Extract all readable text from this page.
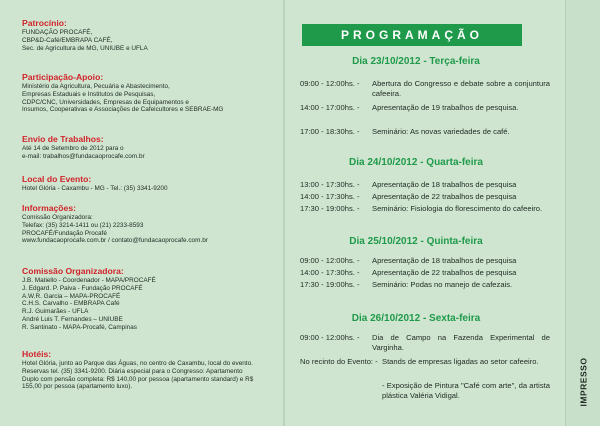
Patrocínio:
FUNDAÇÃO PROCAFÉ,
CBP&D-Café/EMBRAPA CAFÉ,
Sec. de Agricultura de MG, UNIUBE e UFLA
Participação-Apoio:
Ministério da Agricultura, Pecuária e Abastecimento,
Empresas Estaduais e Institutos de Pesquisas,
CDPC/CNC, Universidades, Empresas de Equipamentos e
Insumos, Cooperativas e Associações de Cafeicultores e SEBRAE-MG
Envio de Trabalhos:
Até 14 de Setembro de 2012 para o
e-mail: trabalhos@fundacaoprocafe.com.br
Local do Evento:
Hotel Glória - Caxambu - MG - Tel.: (35) 3341-9200
Informações:
Comissão Organizadora:
Telefax: (35) 3214-1411 ou (21) 2233-8593
PROCAFÉ/Fundação Procafé
www.fundacaoprocafe.com.br / contato@fundacaoprocafe.com.br
Comissão Organizadora:
J.B. Matiello - Coordenador - MAPA/PROCAFÉ
J. Edgard. P. Paiva - Fundação PROCAFÉ
A.W.R. Garcia – MAPA-PROCAFÉ
C.H.S. Carvalho - EMBRAPA Café
R.J. Guimarães - UFLA
André Luis T. Fernandes – UNIUBE
R. Santinato - MAPA-Procafé, Campinas
Hotéis:
Hotel Glória, junto ao Parque das Águas, no centro de Caxambu, local do evento.
Reservas tel. (35) 3341-9200. Diária especial para o Congresso: Apartamento
Duplo com pensão completa: R$ 140,00 por pessoa (apartamento standard) e R$
155,00 por pessoa (apartamento luxo).
PROGRAMAÇÃO
Dia 23/10/2012 - Terça-feira
09:00 - 12:00hs. -	Abertura do Congresso e debate sobre a conjuntura cafeeira.
14:00 - 17:00hs. -	Apresentação de 19 trabalhos de pesquisa.
17:00 - 18:30hs. -	Seminário: As novas variedades de café.
Dia 24/10/2012 - Quarta-feira
13:00 - 17:30hs. -	Apresentação de 18 trabalhos de pesquisa
14:00 - 17:30hs. -	Apresentação de 22 trabalhos de pesquisa
17:30 - 19:00hs. -	Seminário: Fisiologia do florescimento do cafeeiro.
Dia 25/10/2012 - Quinta-feira
09:00 - 12:00hs. -	Apresentação de 18 trabalhos de pesquisa
14:00 - 17:30hs. -	Apresentação de 22 trabalhos de pesquisa
17:30 - 19:00hs. -	Seminário: Podas no manejo de cafezais.
Dia 26/10/2012 - Sexta-feira
09:00 - 12:00hs. -	Dia de Campo na Fazenda Experimental de Varginha.
No recinto do Evento: - Stands de empresas ligadas ao setor cafeeiro.
- Exposição de Pintura "Café com arte", da artista plástica Valéria Vidigal.	IMPRESSO
